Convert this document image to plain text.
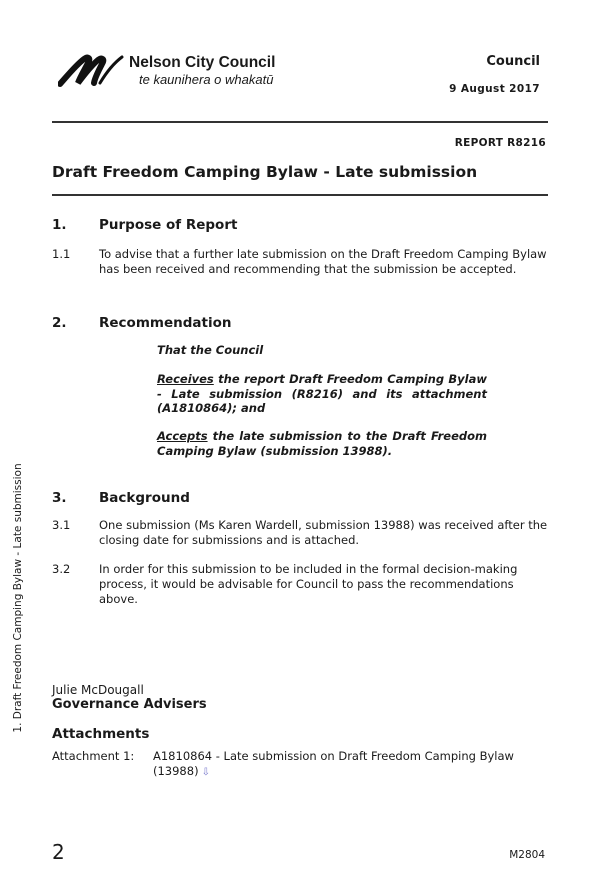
Nelson City Council
te kaunihera o whakatū
Council
9 August 2017
REPORT R8216
Draft Freedom Camping Bylaw - Late submission
1. Purpose of Report
1.1 To advise that a further late submission on the Draft Freedom Camping Bylaw has been received and recommending that the submission be accepted.
2. Recommendation
That the Council
Receives the report Draft Freedom Camping Bylaw - Late submission (R8216) and its attachment (A1810864); and
Accepts the late submission to the Draft Freedom Camping Bylaw (submission 13988).
3. Background
3.1 One submission (Ms Karen Wardell, submission 13988) was received after the closing date for submissions and is attached.
3.2 In order for this submission to be included in the formal decision-making process, it would be advisable for Council to pass the recommendations above.
1. Draft Freedom Camping Bylaw - Late submission Julie McDougall
Governance Advisers
Attachments
Attachment 1: A1810864 - Late submission on Draft Freedom Camping Bylaw (13988) ⇩
2	M2804
